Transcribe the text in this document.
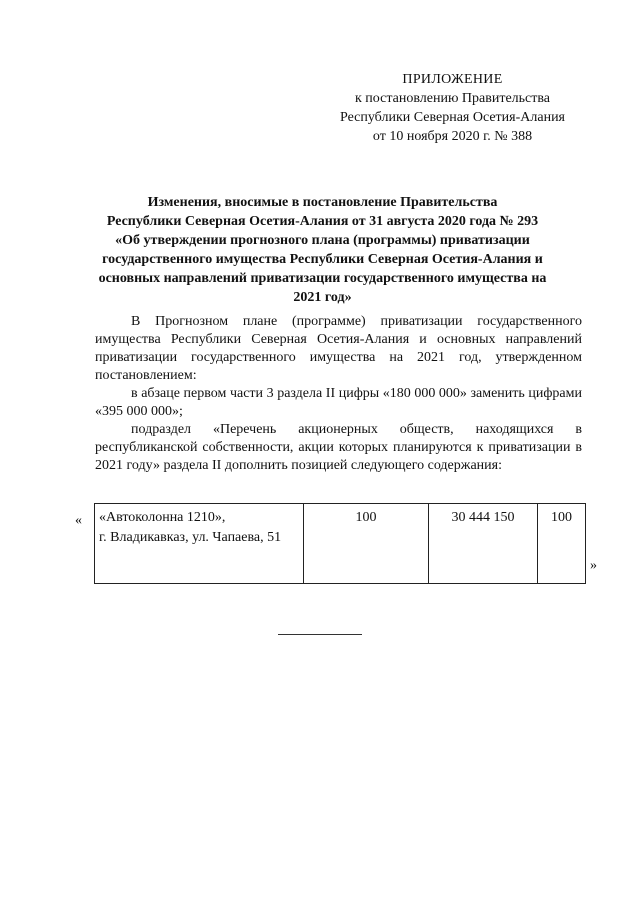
ПРИЛОЖЕНИЕ
к постановлению Правительства
Республики Северная Осетия-Алания
от 10 ноября 2020 г. № 388
Изменения, вносимые в постановление Правительства
Республики Северная Осетия-Алания от 31 августа 2020 года № 293
«Об утверждении прогнозного плана (программы) приватизации
государственного имущества Республики Северная Осетия-Алания и
основных направлений приватизации государственного имущества на
2021 год»

В Прогнозном плане (программе) приватизации государственного имущества Республики Северная Осетия-Алания и основных направлений приватизации государственного имущества на 2021 год, утвержденном постановлением:

в абзаце первом части 3 раздела II цифры «180 000 000» заменить цифрами «395 000 000»;

подраздел «Перечень акционерных обществ, находящихся в республиканской собственности, акции которых планируются к приватизации в 2021 году» раздела II дополнить позицией следующего содержания:

« «Автоколонна 1210»,
г. Владикавказ, ул. Чапаева, 51
	100	30 444 150	100
»
